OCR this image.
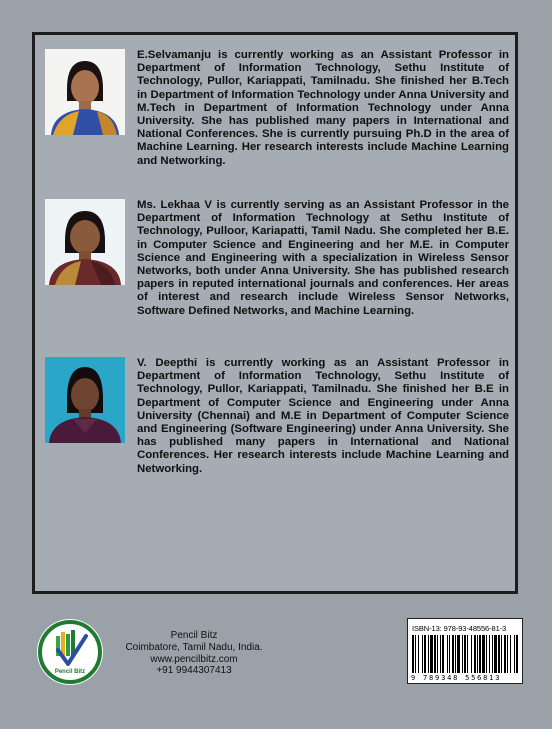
E.Selvamanju is currently working as an Assistant Professor in Department of Information Technology, Sethu Institute of Technology, Pullor, Kariappati, Tamilnadu. She finished her B.Tech in Department of Information Technology under Anna University and M.Tech in Department of Information Technology under Anna University. She has published many papers in International and National Conferences. She is currently pursuing Ph.D in the area of Machine Learning. Her research interests include Machine Learning and Networking.
Ms. Lekhaa V is currently serving as an Assistant Professor in the Department of Information Technology at Sethu Institute of Technology, Pulloor, Kariapatti, Tamil Nadu. She completed her B.E. in Computer Science and Engineering and her M.E. in Computer Science and Engineering with a specialization in Wireless Sensor Networks, both under Anna University. She has published research papers in reputed international journals and conferences. Her areas of interest and research include Wireless Sensor Networks, Software Defined Networks, and Machine Learning.
V. Deepthi is currently working as an Assistant Professor in Department of Information Technology, Sethu Institute of Technology, Pullor, Kariappati, Tamilnadu. She finished her B.E in Department of Computer Science and Engineering under Anna University (Chennai) and M.E in Department of Computer Science and Engineering (Software Engineering) under Anna University. She has published many papers in International and National Conferences. Her research interests include Machine Learning and Networking.
Pencil Bitz
Pencil Bitz
Coimbatore, Tamil Nadu, India.
www.pencilbitz.com
+91 9944307413
ISBN-13: 978-93-48556-81-3
9 789348 556813
